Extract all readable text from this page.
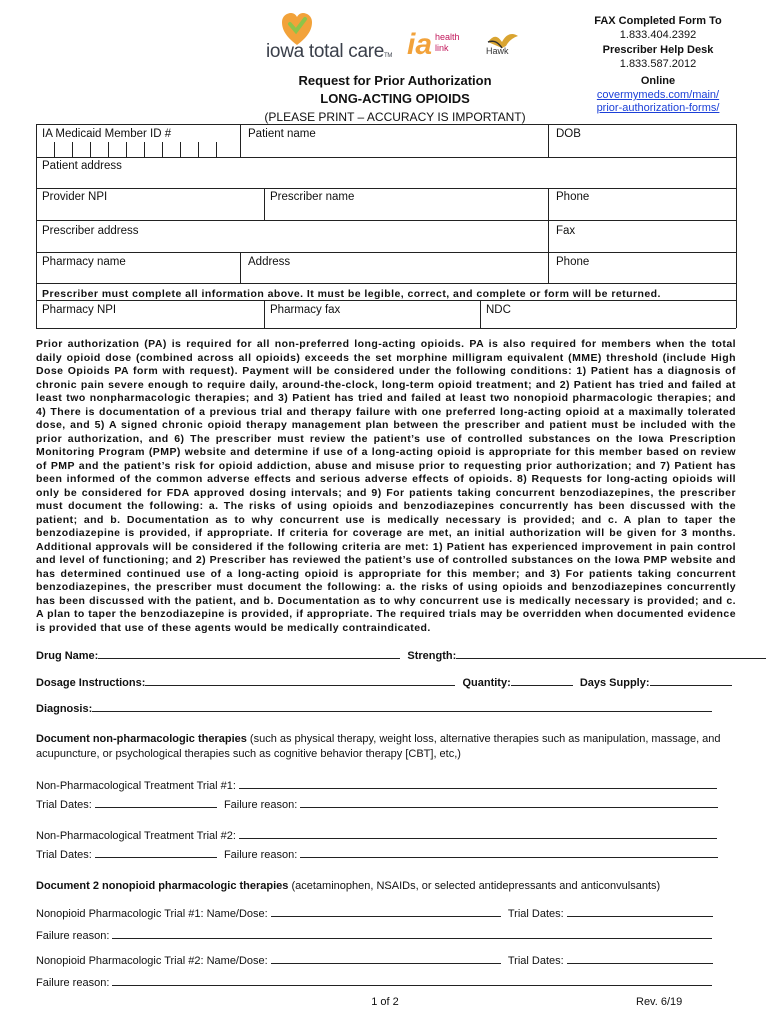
iowa total careTM ia health
link	Hawk
FAX Completed Form To
1.833.404.2392
Prescriber Help Desk
1.833.587.2012
Online
covermymeds.com/main/
prior-authorization-forms/
Request for Prior Authorization
LONG-ACTING OPIOIDS
(PLEASE PRINT – ACCURACY IS IMPORTANT)
IA Medicaid Member ID #	Patient name	DOB
Patient address
Provider NPI	Prescriber name	Phone
Prescriber address	Fax
Pharmacy name	Address	Phone
Prescriber must complete all information above. It must be legible, correct, and complete or form will be returned.
Pharmacy NPI	Pharmacy fax	NDC
Prior authorization (PA) is required for all non-preferred long-acting opioids. PA is also required for members when the total daily opioid dose (combined across all opioids) exceeds the set morphine milligram equivalent (MME) threshold (include High Dose Opioids PA form with request). Payment will be considered under the following conditions: 1) Patient has a diagnosis of chronic pain severe enough to require daily, around-the-clock, long-term opioid treatment; and 2) Patient has tried and failed at least two nonpharmacologic therapies; and 3) Patient has tried and failed at least two nonopioid pharmacologic therapies; and 4) There is documentation of a previous trial and therapy failure with one preferred long-acting opioid at a maximally tolerated dose, and 5) A signed chronic opioid therapy management plan between the prescriber and patient must be included with the prior authorization, and 6) The prescriber must review the patient’s use of controlled substances on the Iowa Prescription Monitoring Program (PMP) website and determine if use of a long-acting opioid is appropriate for this member based on review of PMP and the patient’s risk for opioid addiction, abuse and misuse prior to requesting prior authorization; and 7) Patient has been informed of the common adverse effects and serious adverse effects of opioids. 8) Requests for long-acting opioids will only be considered for FDA approved dosing intervals; and 9) For patients taking concurrent benzodiazepines, the prescriber must document the following: a. The risks of using opioids and benzodiazepines concurrently has been discussed with the patient; and b. Documentation as to why concurrent use is medically necessary is provided; and c. A plan to taper the benzodiazepine is provided, if appropriate. If criteria for coverage are met, an initial authorization will be given for 3 months. Additional approvals will be considered if the following criteria are met: 1) Patient has experienced improvement in pain control and level of functioning; and 2) Prescriber has reviewed the patient’s use of controlled substances on the Iowa PMP website and has determined continued use of a long-acting opioid is appropriate for this member; and 3) For patients taking concurrent benzodiazepines, the prescriber must document the following: a. the risks of using opioids and benzodiazepines concurrently has been discussed with the patient, and b. Documentation as to why concurrent use is medically necessary is provided; and c. A plan to taper the benzodiazepine is provided, if appropriate. The required trials may be overridden when documented evidence is provided that use of these agents would be medically contraindicated.
Drug Name:	Strength:
Dosage Instructions:	Quantity:	Days Supply:
Diagnosis:
Document non-pharmacologic therapies (such as physical therapy, weight loss, alternative therapies such as manipulation, massage, and acupuncture, or psychological therapies such as cognitive behavior therapy [CBT], etc,)
Non-Pharmacological Treatment Trial #1:
Trial Dates:	Failure reason:
Non-Pharmacological Treatment Trial #2:
Trial Dates:	Failure reason:
Document 2 nonopioid pharmacologic therapies (acetaminophen, NSAIDs, or selected antidepressants and anticonvulsants)
Nonopioid Pharmacologic Trial #1: Name/Dose:	Trial Dates:
Failure reason:
Nonopioid Pharmacologic Trial #2: Name/Dose:	Trial Dates:
Failure reason:
1 of 2	Rev. 6/19
